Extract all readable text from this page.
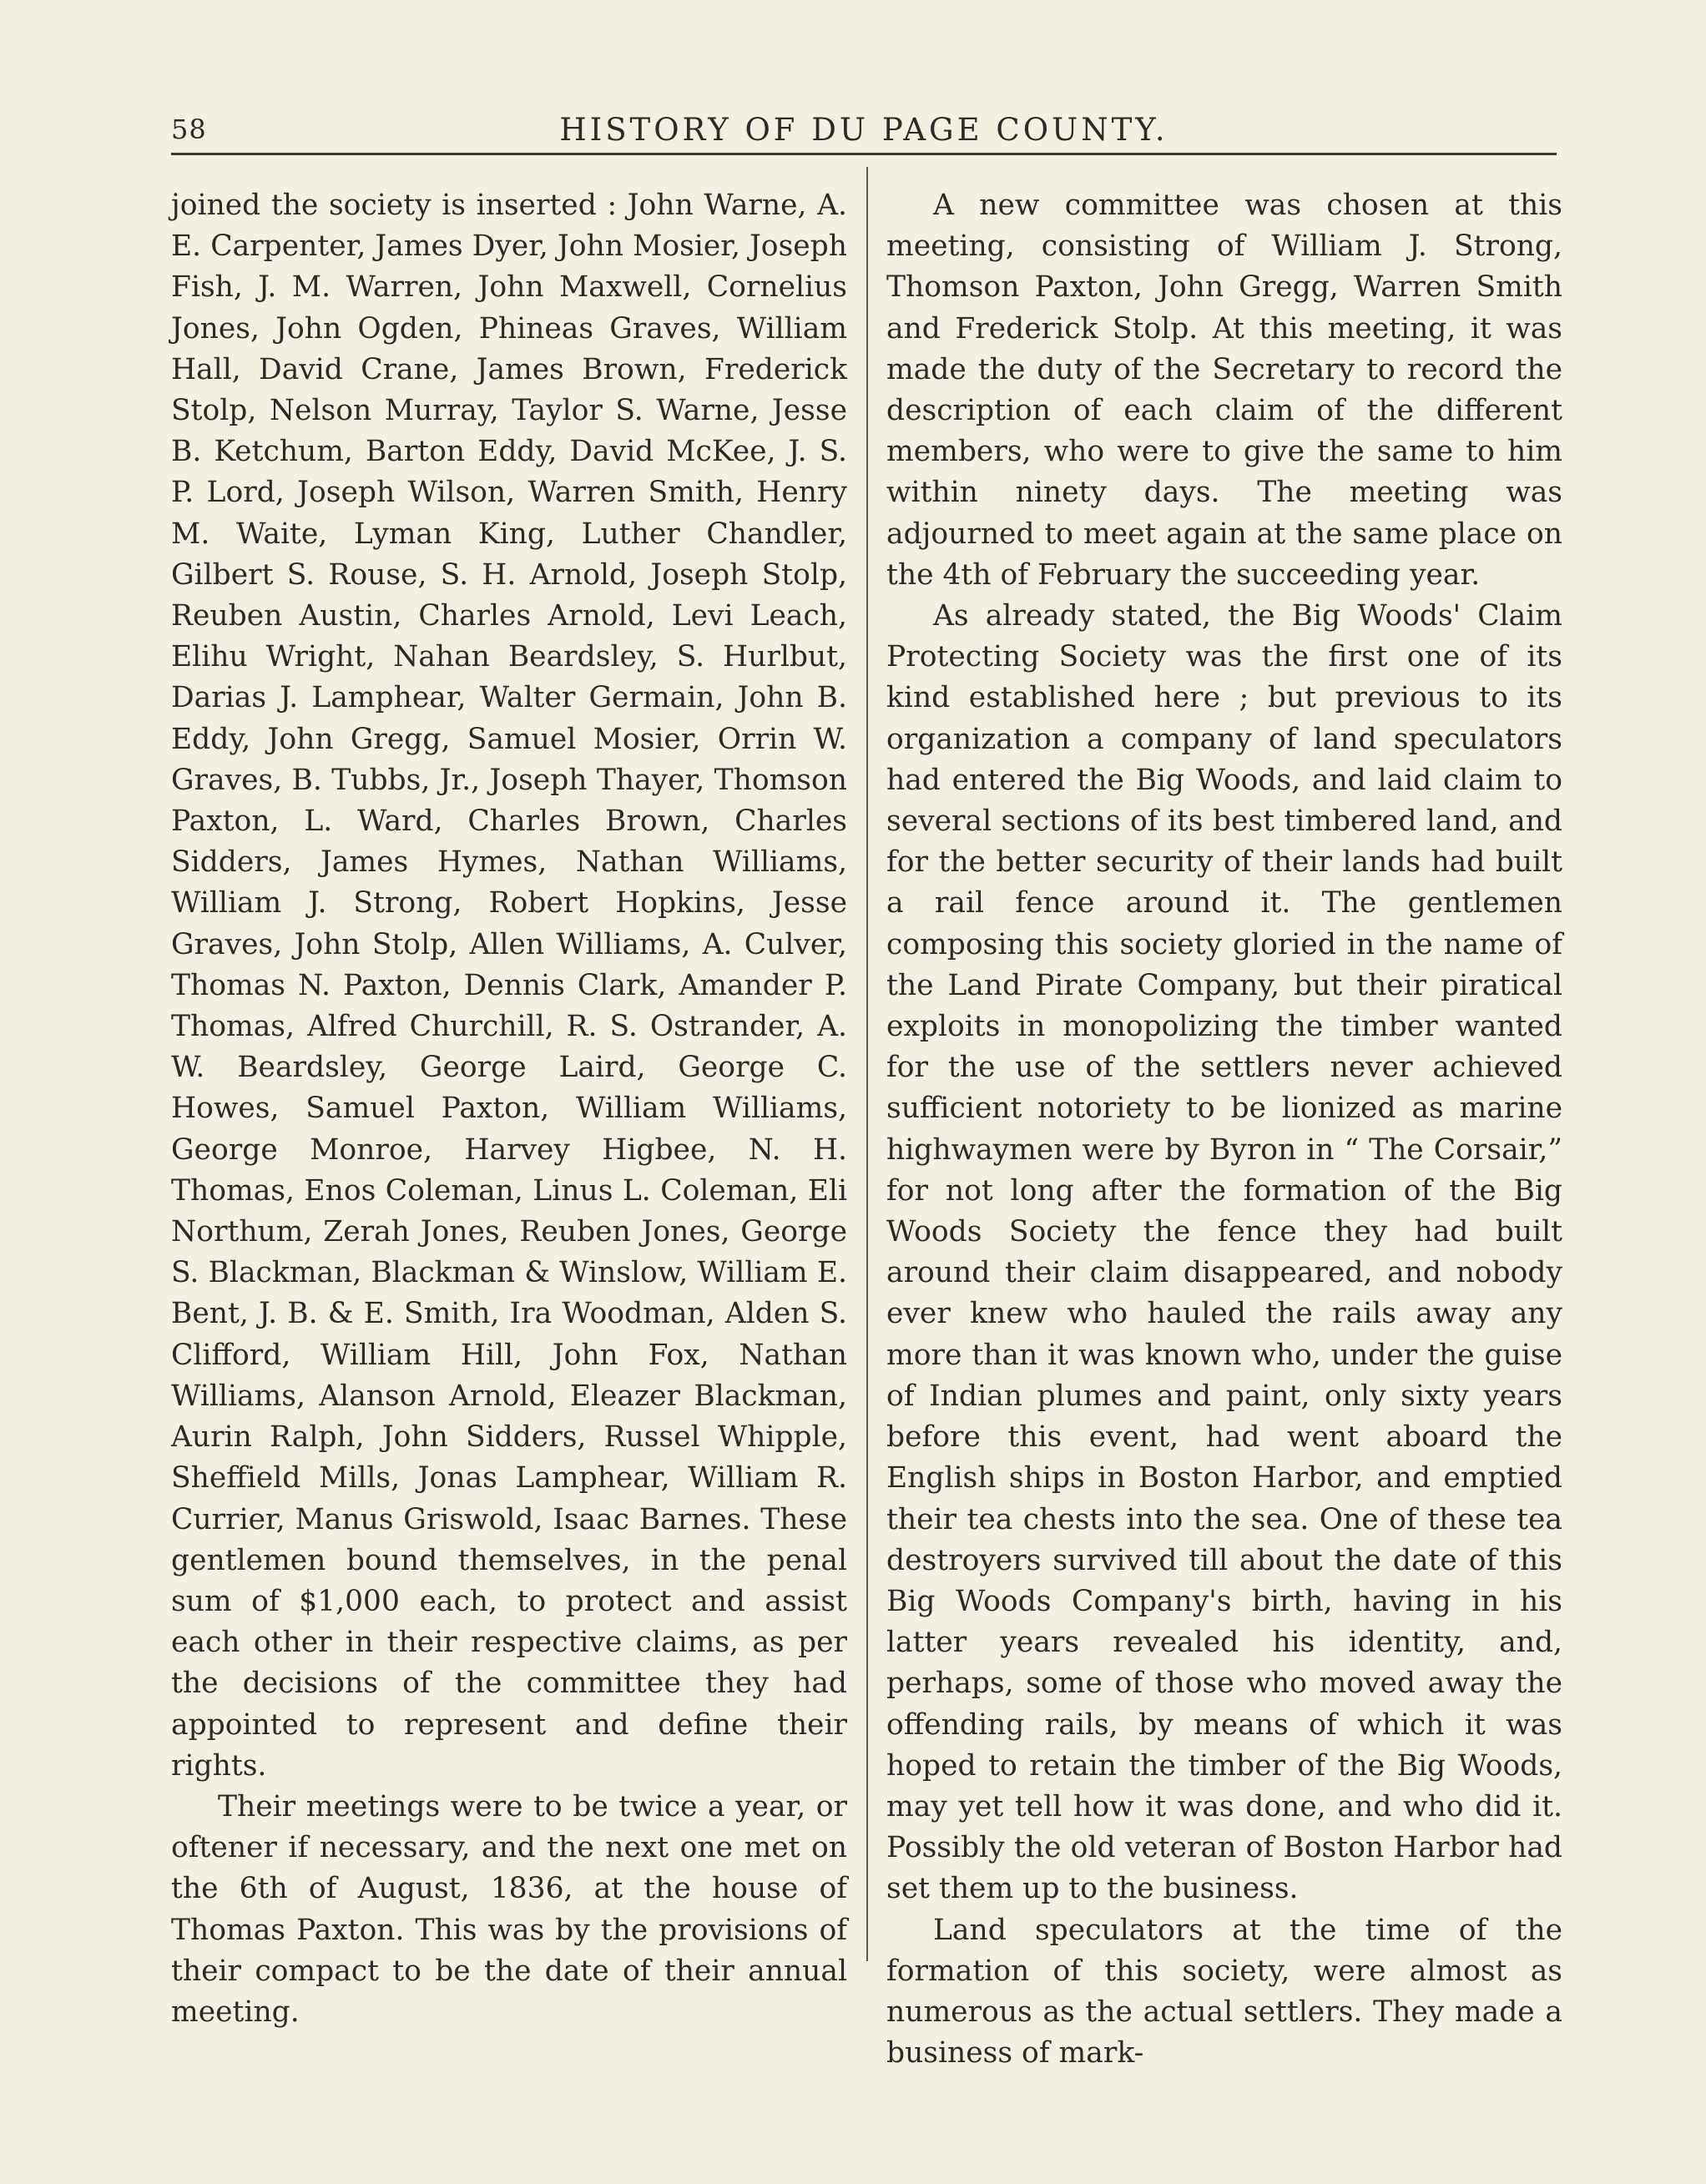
58	HISTORY OF DU PAGE COUNTY.

joined the society is inserted : John Warne, A. E. Carpenter, James Dyer, John Mosier, Joseph Fish, J. M. Warren, John Maxwell, Cornelius Jones, John Ogden, Phineas Graves, William Hall, David Crane, James Brown, Frederick Stolp, Nelson Murray, Taylor S. Warne, Jesse B. Ketchum, Barton Eddy, David McKee, J. S. P. Lord, Joseph Wilson, Warren Smith, Henry M. Waite, Lyman King, Luther Chandler, Gilbert S. Rouse, S. H. Arnold, Joseph Stolp, Reuben Austin, Charles Arnold, Levi Leach, Elihu Wright, Nahan Beardsley, S. Hurlbut, Darias J. Lamphear, Walter Germain, John B. Eddy, John Gregg, Samuel Mosier, Orrin W. Graves, B. Tubbs, Jr., Joseph Thayer, Thomson Paxton, L. Ward, Charles Brown, Charles Sidders, James Hymes, Nathan Williams, William J. Strong, Robert Hopkins, Jesse Graves, John Stolp, Allen Williams, A. Culver, Thomas N. Paxton, Dennis Clark, Amander P. Thomas, Alfred Churchill, R. S. Ostrander, A. W. Beardsley, George Laird, George C. Howes, Samuel Paxton, William Williams, George Monroe, Harvey Higbee, N. H. Thomas, Enos Coleman, Linus L. Coleman, Eli Northum, Zerah Jones, Reuben Jones, George S. Blackman, Blackman & Winslow, William E. Bent, J. B. & E. Smith, Ira Woodman, Alden S. Clifford, William Hill, John Fox, Nathan Williams, Alanson Arnold, Eleazer Blackman, Aurin Ralph, John Sidders, Russel Whipple, Sheffield Mills, Jonas Lamphear, William R. Currier, Manus Griswold, Isaac Barnes. These gentlemen bound themselves, in the penal sum of $1,000 each, to protect and assist each other in their respective claims, as per the decisions of the committee they had appointed to represent and define their rights.

Their meetings were to be twice a year, or oftener if necessary, and the next one met on the 6th of August, 1836, at the house of Thomas Paxton. This was by the provisions of their compact to be the date of their annual meeting.

A new committee was chosen at this meeting, consisting of William J. Strong, Thomson Paxton, John Gregg, Warren Smith and Frederick Stolp. At this meeting, it was made the duty of the Secretary to record the description of each claim of the different members, who were to give the same to him within ninety days. The meeting was adjourned to meet again at the same place on the 4th of February the succeeding year.

As already stated, the Big Woods' Claim Protecting Society was the first one of its kind established here ; but previous to its organization a company of land speculators had entered the Big Woods, and laid claim to several sections of its best timbered land, and for the better security of their lands had built a rail fence around it. The gentlemen composing this society gloried in the name of the Land Pirate Company, but their piratical exploits in monopolizing the timber wanted for the use of the settlers never achieved sufficient notoriety to be lionized as marine highwaymen were by Byron in “ The Corsair,” for not long after the formation of the Big Woods Society the fence they had built around their claim disappeared, and nobody ever knew who hauled the rails away any more than it was known who, under the guise of Indian plumes and paint, only sixty years before this event, had went aboard the English ships in Boston Harbor, and emptied their tea chests into the sea. One of these tea destroyers survived till about the date of this Big Woods Company's birth, having in his latter years revealed his identity, and, perhaps, some of those who moved away the offending rails, by means of which it was hoped to retain the timber of the Big Woods, may yet tell how it was done, and who did it. Possibly the old veteran of Boston Harbor had set them up to the business.

Land speculators at the time of the formation of this society, were almost as numerous as the actual settlers. They made a business of mark-
